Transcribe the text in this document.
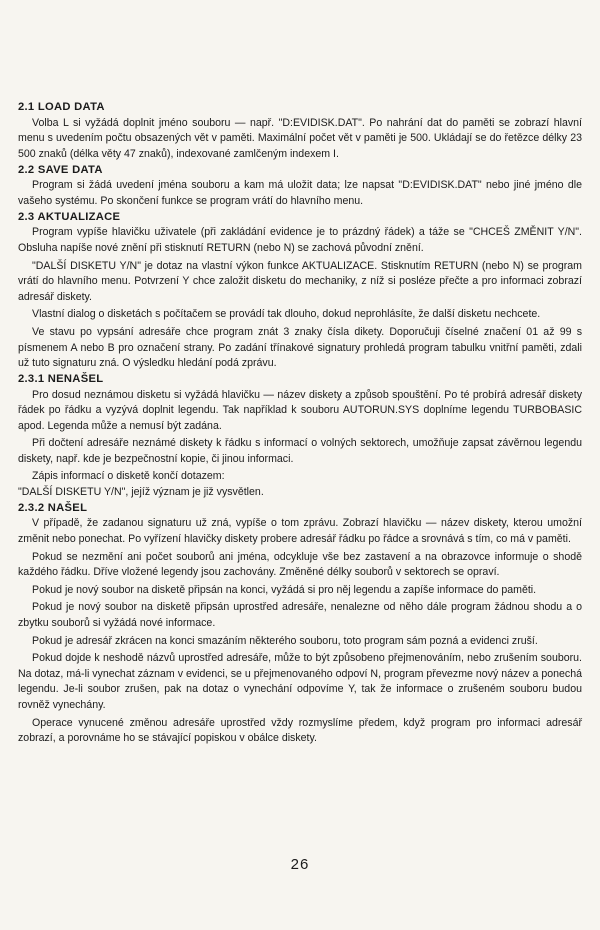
2.1 LOAD DATA

Volba L si vyžádá doplnit jméno souboru — např. "D:EVIDISK.DAT". Po nahrání dat do paměti se zobrazí hlavní menu s uvedením počtu obsazených vět v paměti. Maximální počet vět v paměti je 500. Ukládají se do řetězce délky 23 500 znaků (délka věty 47 znaků), indexované zamlčeným indexem I.

2.2 SAVE DATA

Program si žádá uvedení jména souboru a kam má uložit data; lze napsat "D:EVIDISK.DAT" nebo jiné jméno dle vašeho systému. Po skončení funkce se program vrátí do hlavního menu.

2.3 AKTUALIZACE

Program vypíše hlavičku uživatele (při zakládání evidence je to prázdný řádek) a táže se "CHCEŠ ZMĚNIT Y/N". Obsluha napíše nové znění při stisknutí RETURN (nebo N) se zachová původní znění.

"DALŠÍ DISKETU Y/N" je dotaz na vlastní výkon funkce AKTUALIZACE. Stisknutím RETURN (nebo N) se program vrátí do hlavního menu. Potvrzení Y chce založit disketu do mechaniky, z níž si posléze přečte a pro informaci zobrazí adresář diskety.

Vlastní dialog o disketách s počítačem se provádí tak dlouho, dokud neprohlásíte, že další disketu nechcete.

Ve stavu po vypsání adresáře chce program znát 3 znaky čísla dikety. Doporučuji číselné značení 01 až 99 s písmenem A nebo B pro označení strany. Po zadání třínakové signatury prohledá program tabulku vnitřní paměti, zdali už tuto signaturu zná. O výsledku hledání podá zprávu.

2.3.1 NENAŠEL

Pro dosud neznámou disketu si vyžádá hlavičku — název diskety a způsob spouštění. Po té probírá adresář diskety řádek po řádku a vyzývá doplnit legendu. Tak například k souboru AUTORUN.SYS doplníme legendu TURBOBASIC apod. Legenda může a nemusí být zadána.

Při dočtení adresáře neznámé diskety k řádku s informací o volných sektorech, umožňuje zapsat závěrnou legendu diskety, např. kde je bezpečnostní kopie, či jinou informaci.

Zápis informací o disketě končí dotazem:

"DALŠÍ DISKETU Y/N", jejíž význam je již vysvětlen.

2.3.2 NAŠEL

V případě, že zadanou signaturu už zná, vypíše o tom zprávu. Zobrazí hlavičku — název diskety, kterou umožní změnit nebo ponechat. Po vyřízení hlavičky diskety probere adresář řádku po řádce a srovnává s tím, co má v paměti.

Pokud se nezmění ani počet souborů ani jména, odcykluje vše bez zastavení a na obrazovce informuje o shodě každého řádku. Dříve vložené legendy jsou zachovány. Změněné délky souborů v sektorech se opraví.

Pokud je nový soubor na disketě připsán na konci, vyžádá si pro něj legendu a zapíše informace do paměti.

Pokud je nový soubor na disketě připsán uprostřed adresáře, nenalezne od něho dále program žádnou shodu a o zbytku souborů si vyžádá nové informace.

Pokud je adresář zkrácen na konci smazáním některého souboru, toto program sám pozná a evidenci zruší.

Pokud dojde k neshodě názvů uprostřed adresáře, může to být způsobeno přejmenováním, nebo zrušením souboru. Na dotaz, má-li vynechat záznam v evidenci, se u přejmenovaného odpoví N, program převezme nový název a ponechá legendu. Je-li soubor zrušen, pak na dotaz o vynechání odpovíme Y, tak že informace o zrušeném souboru budou rovněž vynechány.

Operace vynucené změnou adresáře uprostřed vždy rozmyslíme předem, když program pro informaci adresář zobrazí, a porovnáme ho se stávající popiskou v obálce diskety.

26
